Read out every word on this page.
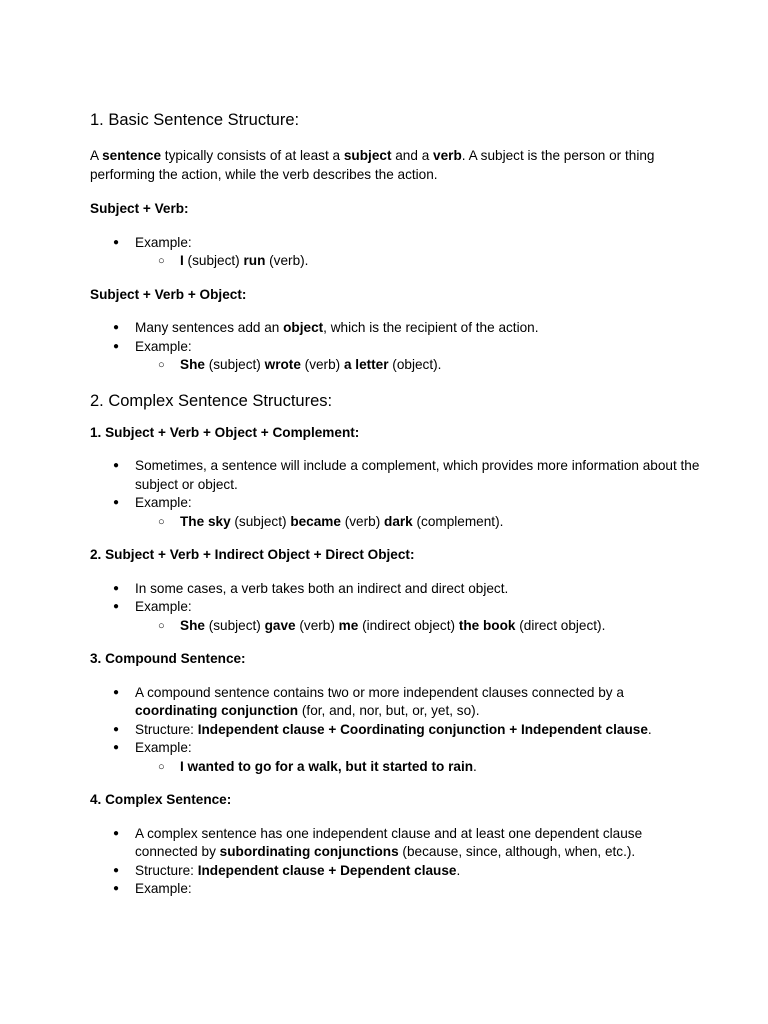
1. Basic Sentence Structure:

A sentence typically consists of at least a subject and a verb. A subject is the person or thing performing the action, while the verb describes the action.

Subject + Verb:

● Example:
○ I (subject) run (verb).

Subject + Verb + Object:

● Many sentences add an object, which is the recipient of the action.
● Example:
○ She (subject) wrote (verb) a letter (object).
2. Complex Sentence Structures:

1. Subject + Verb + Object + Complement:

● Sometimes, a sentence will include a complement, which provides more information about the subject or object.
● Example:
○ The sky (subject) became (verb) dark (complement).

2. Subject + Verb + Indirect Object + Direct Object:

● In some cases, a verb takes both an indirect and direct object.
● Example:
○ She (subject) gave (verb) me (indirect object) the book (direct object).

3. Compound Sentence:

● A compound sentence contains two or more independent clauses connected by a coordinating conjunction (for, and, nor, but, or, yet, so).
● Structure: Independent clause + Coordinating conjunction + Independent clause.
● Example:
○ I wanted to go for a walk, but it started to rain.

4. Complex Sentence:

● A complex sentence has one independent clause and at least one dependent clause connected by subordinating conjunctions (because, since, although, when, etc.).
● Structure: Independent clause + Dependent clause.
● Example:
